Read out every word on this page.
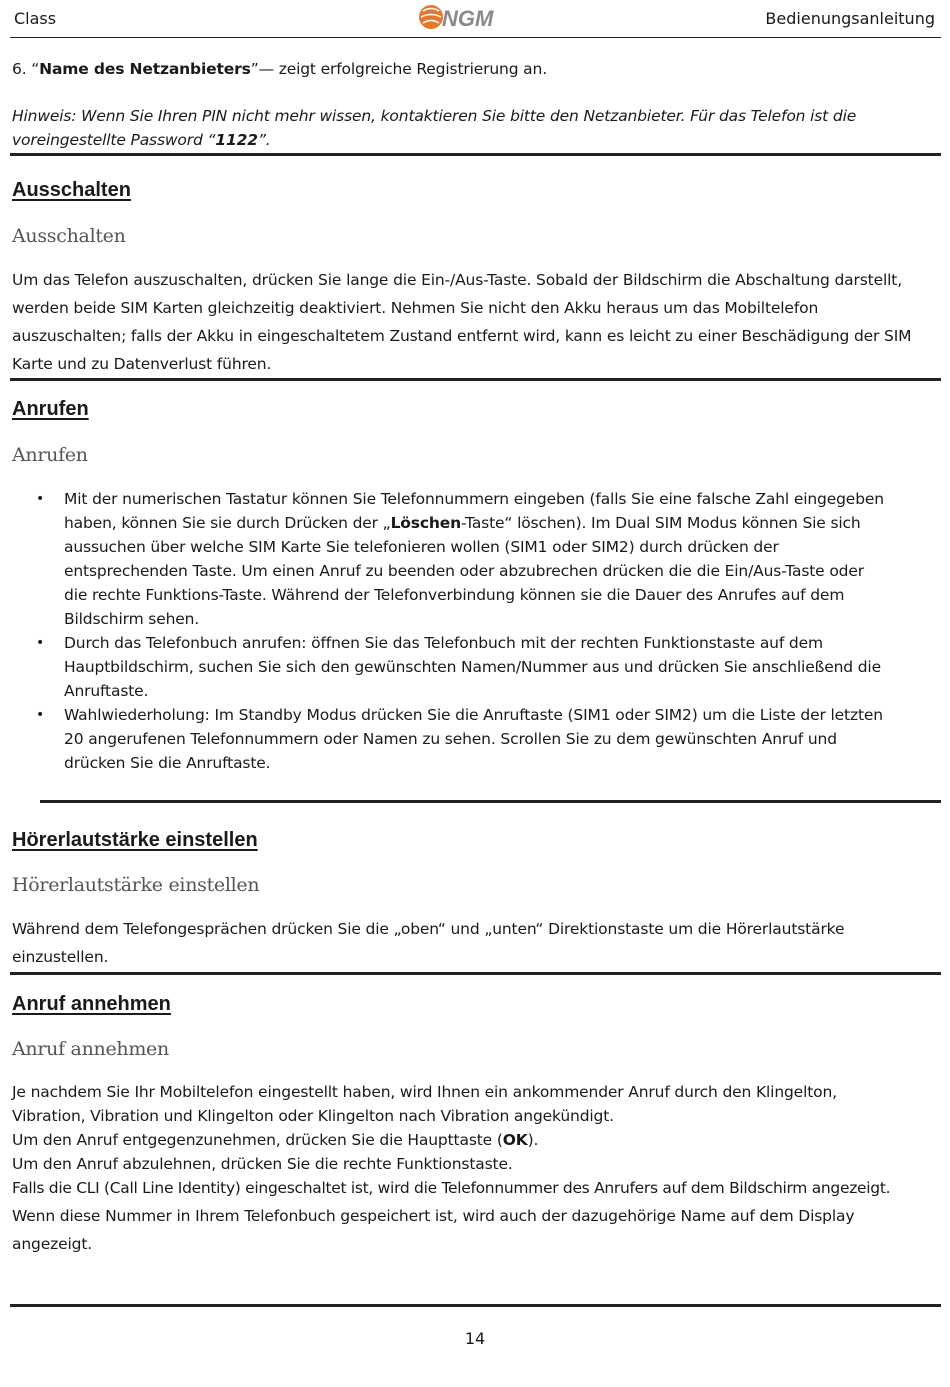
Class	NGM	Bedienungsanleitung
6. “Name des Netzanbieters”— zeigt erfolgreiche Registrierung an.
Hinweis: Wenn Sie Ihren PIN nicht mehr wissen, kontaktieren Sie bitte den Netzanbieter. Für das Telefon ist die
voreingestellte Password “1122”.
Ausschalten
Ausschalten
Um das Telefon auszuschalten, drücken Sie lange die Ein-/Aus-Taste. Sobald der Bildschirm die Abschaltung darstellt,
werden beide SIM Karten gleichzeitig deaktiviert. Nehmen Sie nicht den Akku heraus um das Mobiltelefon
auszuschalten; falls der Akku in eingeschaltetem Zustand entfernt wird, kann es leicht zu einer Beschädigung der SIM
Karte und zu Datenverlust führen.
Anrufen
Anrufen
• Mit der numerischen Tastatur können Sie Telefonnummern eingeben (falls Sie eine falsche Zahl eingegeben
haben, können Sie sie durch Drücken der „Löschen-Taste“ löschen). Im Dual SIM Modus können Sie sich
aussuchen über welche SIM Karte Sie telefonieren wollen (SIM1 oder SIM2) durch drücken der
entsprechenden Taste. Um einen Anruf zu beenden oder abzubrechen drücken die die Ein/Aus-Taste oder
die rechte Funktions-Taste. Während der Telefonverbindung können sie die Dauer des Anrufes auf dem
Bildschirm sehen.
• Durch das Telefonbuch anrufen: öffnen Sie das Telefonbuch mit der rechten Funktionstaste auf dem
Hauptbildschirm, suchen Sie sich den gewünschten Namen/Nummer aus und drücken Sie anschließend die
Anruftaste.
• Wahlwiederholung: Im Standby Modus drücken Sie die Anruftaste (SIM1 oder SIM2) um die Liste der letzten
20 angerufenen Telefonnummern oder Namen zu sehen. Scrollen Sie zu dem gewünschten Anruf und
drücken Sie die Anruftaste.
Hörerlautstärke einstellen
Hörerlautstärke einstellen
Während dem Telefongesprächen drücken Sie die „oben“ und „unten“ Direktionstaste um die Hörerlautstärke
einzustellen.
Anruf annehmen
Anruf annehmen
Je nachdem Sie Ihr Mobiltelefon eingestellt haben, wird Ihnen ein ankommender Anruf durch den Klingelton,
Vibration, Vibration und Klingelton oder Klingelton nach Vibration angekündigt.
Um den Anruf entgegenzunehmen, drücken Sie die Haupttaste (OK).
Um den Anruf abzulehnen, drücken Sie die rechte Funktionstaste.
Falls die CLI (Call Line Identity) eingeschaltet ist, wird die Telefonnummer des Anrufers auf dem Bildschirm angezeigt.
Wenn diese Nummer in Ihrem Telefonbuch gespeichert ist, wird auch der dazugehörige Name auf dem Display
angezeigt.
14
